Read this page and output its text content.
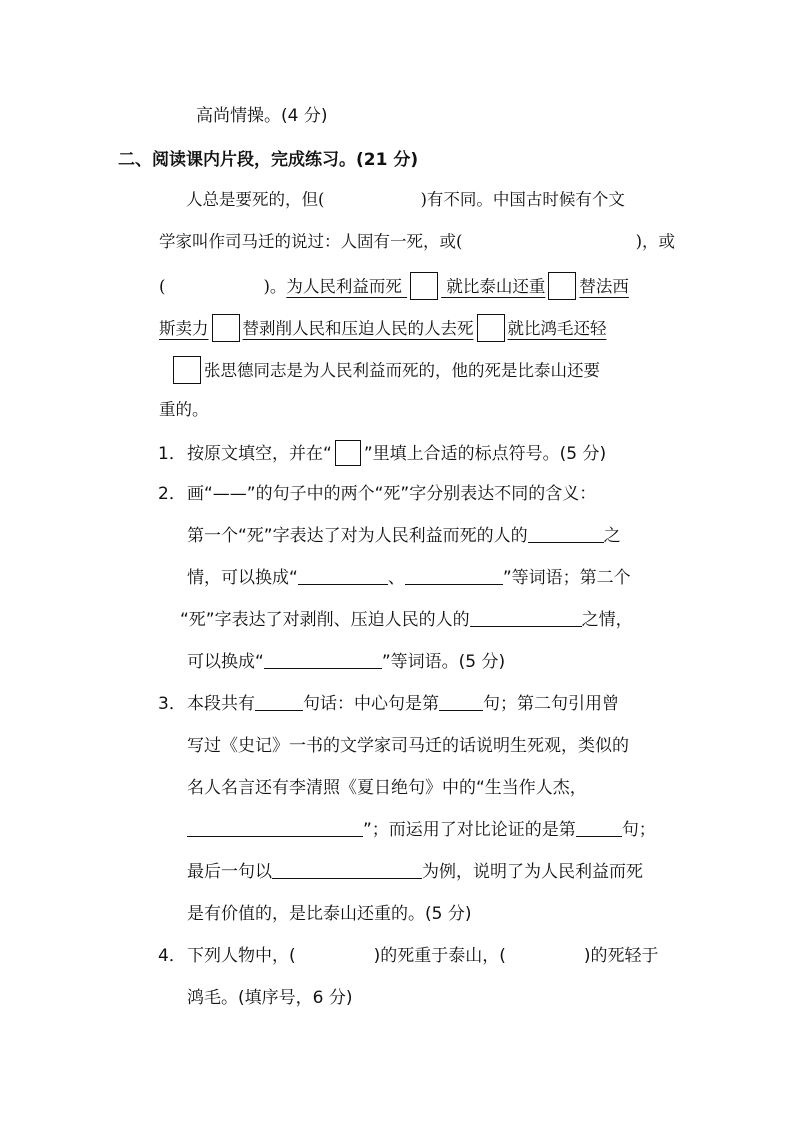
高尚情操。(4 分)
二、阅读课内片段，完成练习。(21 分)
人总是要死的，但(	)有不同。中国古时候有个文
学家叫作司马迁的说过：人固有一死，或(	)，或
(	)。为人民利益而死	就比泰山还重 替法西
斯卖力 替剥削人民和压迫人民的人去死 就比鸿毛还轻
张思德同志是为人民利益而死的，他的死是比泰山还要
重的。
1．按原文填空，并在“ ”里填上合适的标点符号。(5 分)
2．画“——”的句子中的两个“死”字分别表达不同的含义：
第一个“死”字表达了对为人民利益而死的人的	之
情，可以换成“	、	”等词语；第二个
“死”字表达了对剥削、压迫人民的人的	之情，
可以换成“	”等词语。(5 分)
3．本段共有	句话：中心句是第	句；第二句引用曾
写过《史记》一书的文学家司马迁的话说明生死观，类似的
名人名言还有李清照《夏日绝句》中的“生当作人杰，
”；而运用了对比论证的是第	句；
最后一句以	为例，说明了为人民利益而死
是有价值的，是比泰山还重的。(5 分)
4．下列人物中，(	)的死重于泰山，(	)的死轻于
鸿毛。(填序号，6 分)
